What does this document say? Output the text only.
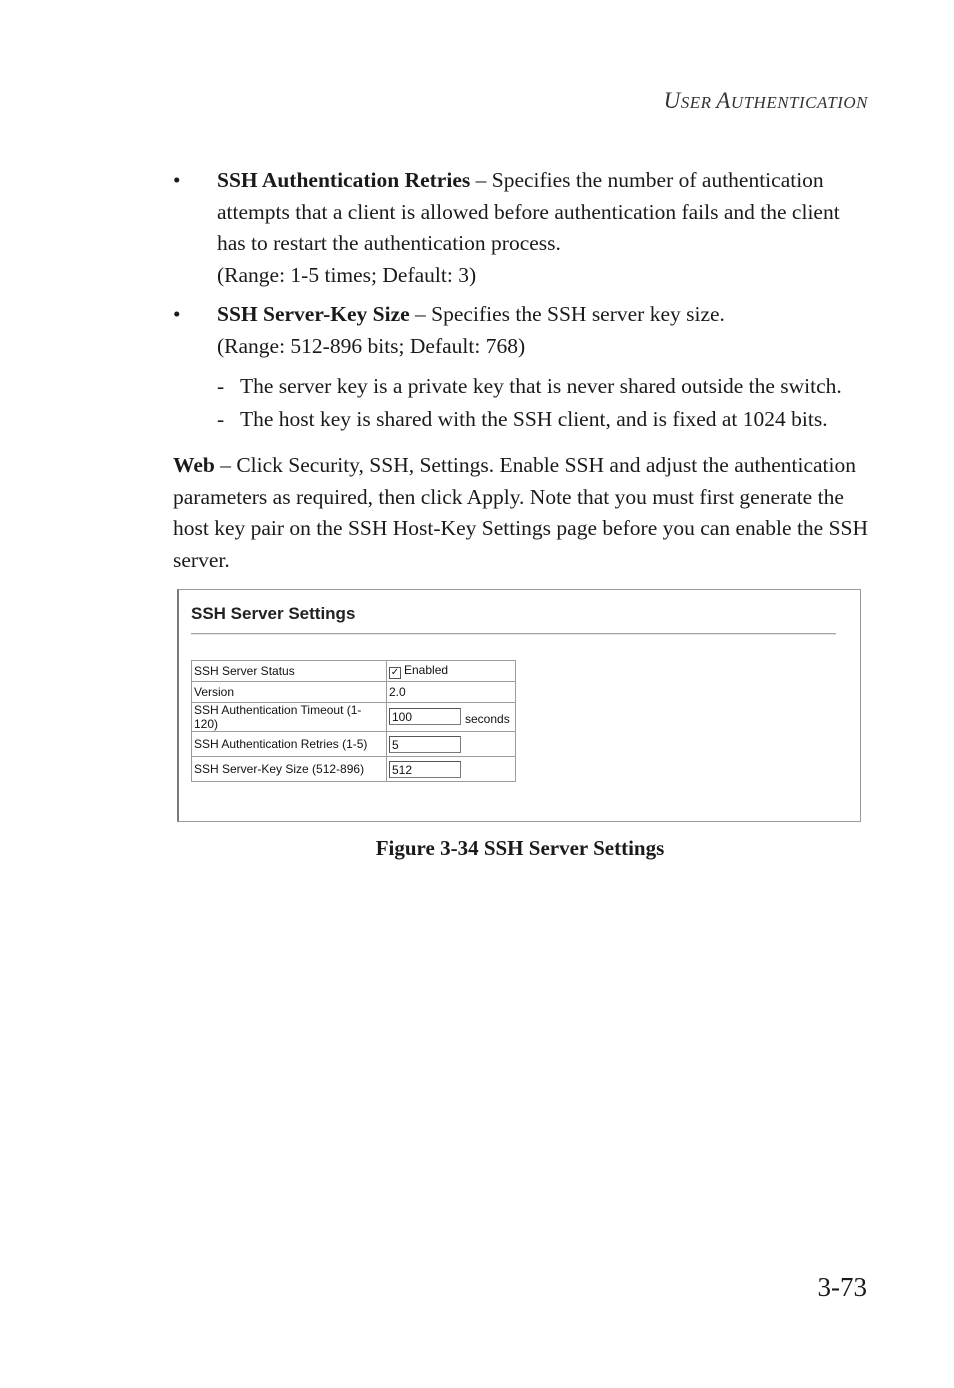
USER AUTHENTICATION
• SSH Authentication Retries – Specifies the number of authentication attempts that a client is allowed before authentication fails and the client has to restart the authentication process.
(Range: 1-5 times; Default: 3)
• SSH Server-Key Size – Specifies the SSH server key size.
(Range: 512-896 bits; Default: 768)
- The server key is a private key that is never shared outside the switch.
- The host key is shared with the SSH client, and is fixed at 1024 bits.
Web – Click Security, SSH, Settings. Enable SSH and adjust the authentication parameters as required, then click Apply. Note that you must first generate the host key pair on the SSH Host-Key Settings page before you can enable the SSH server.
SSH Server Settings
SSH Server Status	✓ Enabled
Version	2.0
SSH Authentication Timeout (1-120)	100 seconds
SSH Authentication Retries (1-5)	5
SSH Server-Key Size (512-896)	512
Figure 3-34 SSH Server Settings
3-73
